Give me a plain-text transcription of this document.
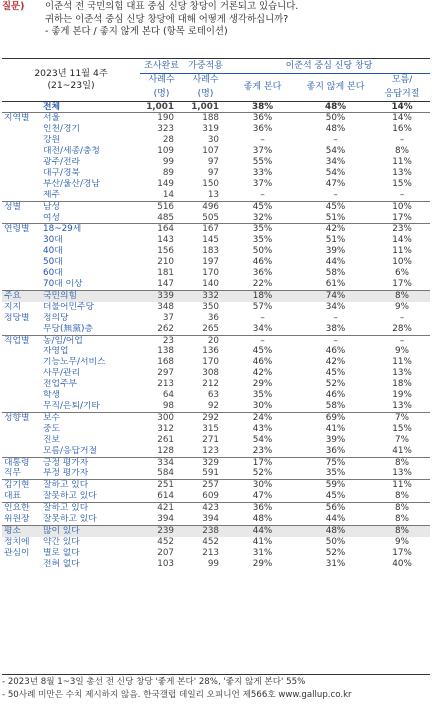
질문)	이준석 전 국민의힘 대표 중심 신당 창당이 거론되고 있습니다.
귀하는 이준석 중심 신당 창당에 대해 어떻게 생각하십니까?
- 좋게 본다 / 좋지 않게 본다 (항목 로테이션)
2023년 11월 4주
(21~23일)		조사완료	가중적용	이준석 중심 신당 창당		
		사례수	사례수	좋게 본다	좋지 않게 본다	모름/
		(명)	(명)			응답거절
	전체	1,001	1,001	38%	48%	14%
지역별	서울	190	188	36%	50%	14%
	인천/경기	323	319	36%	48%	16%
	강원	28	30	–	–	–
	대전/세종/충청	109	107	37%	54%	8%
	광주/전라	99	97	55%	34%	11%
	대구/경북	89	97	33%	54%	13%
	부산/울산/경남	149	150	37%	47%	15%
	제주	14	13	–	–	–
성별	남성	516	496	45%	45%	10%
	여성	485	505	32%	51%	17%
연령별	18~29세	164	167	35%	42%	23%
	30대	143	145	35%	51%	14%
	40대	156	183	50%	39%	11%
	50대	210	197	46%	44%	10%
	60대	181	170	36%	58%	6%
	70대 이상	147	140	22%	61%	17%
주요	국민의힘	339	332	18%	74%	8%
지지	더불어민주당	348	350	57%	34%	9%
정당별	정의당	37	36	–	–	–
	무당(無黨)층	262	265	34%	38%	28%
직업별	농/임/어업	23	20	–	–	–
	자영업	138	136	45%	46%	9%
	기능노무/서비스	168	170	46%	42%	11%
	사무/관리	297	308	42%	45%	13%
	전업주부	213	212	29%	52%	18%
	학생	64	63	35%	46%	19%
	무직/은퇴/기타	98	92	30%	58%	13%
성향별	보수	300	292	24%	69%	7%
	중도	312	315	43%	41%	15%
	진보	261	271	54%	39%	7%
	모름/응답거절	128	123	23%	36%	41%
대통령	긍정 평가자	334	329	17%	75%	8%
직무	부정 평가자	584	591	52%	35%	13%
김기현	잘하고 있다	251	257	30%	59%	11%
대표	잘못하고 있다	614	609	47%	45%	8%
인요한	잘하고 있다	421	423	36%	56%	8%
위원장	잘못하고 있다	394	394	48%	44%	8%
평소	많이 있다	239	238	44%	48%	8%
정치에	약간 있다	452	452	41%	50%	9%
관심이	별로 없다	207	213	31%	52%	17%
	전혀 없다	103	99	29%	31%	40%
- 2023년 8월 1~3일 총선 전 신당 창당 '좋게 본다' 28%, '좋지 않게 본다' 55%
- 50사례 미만은 수치 제시하지 않음. 한국갤럽 데일리 오피니언 제566호 www.gallup.co.kr
